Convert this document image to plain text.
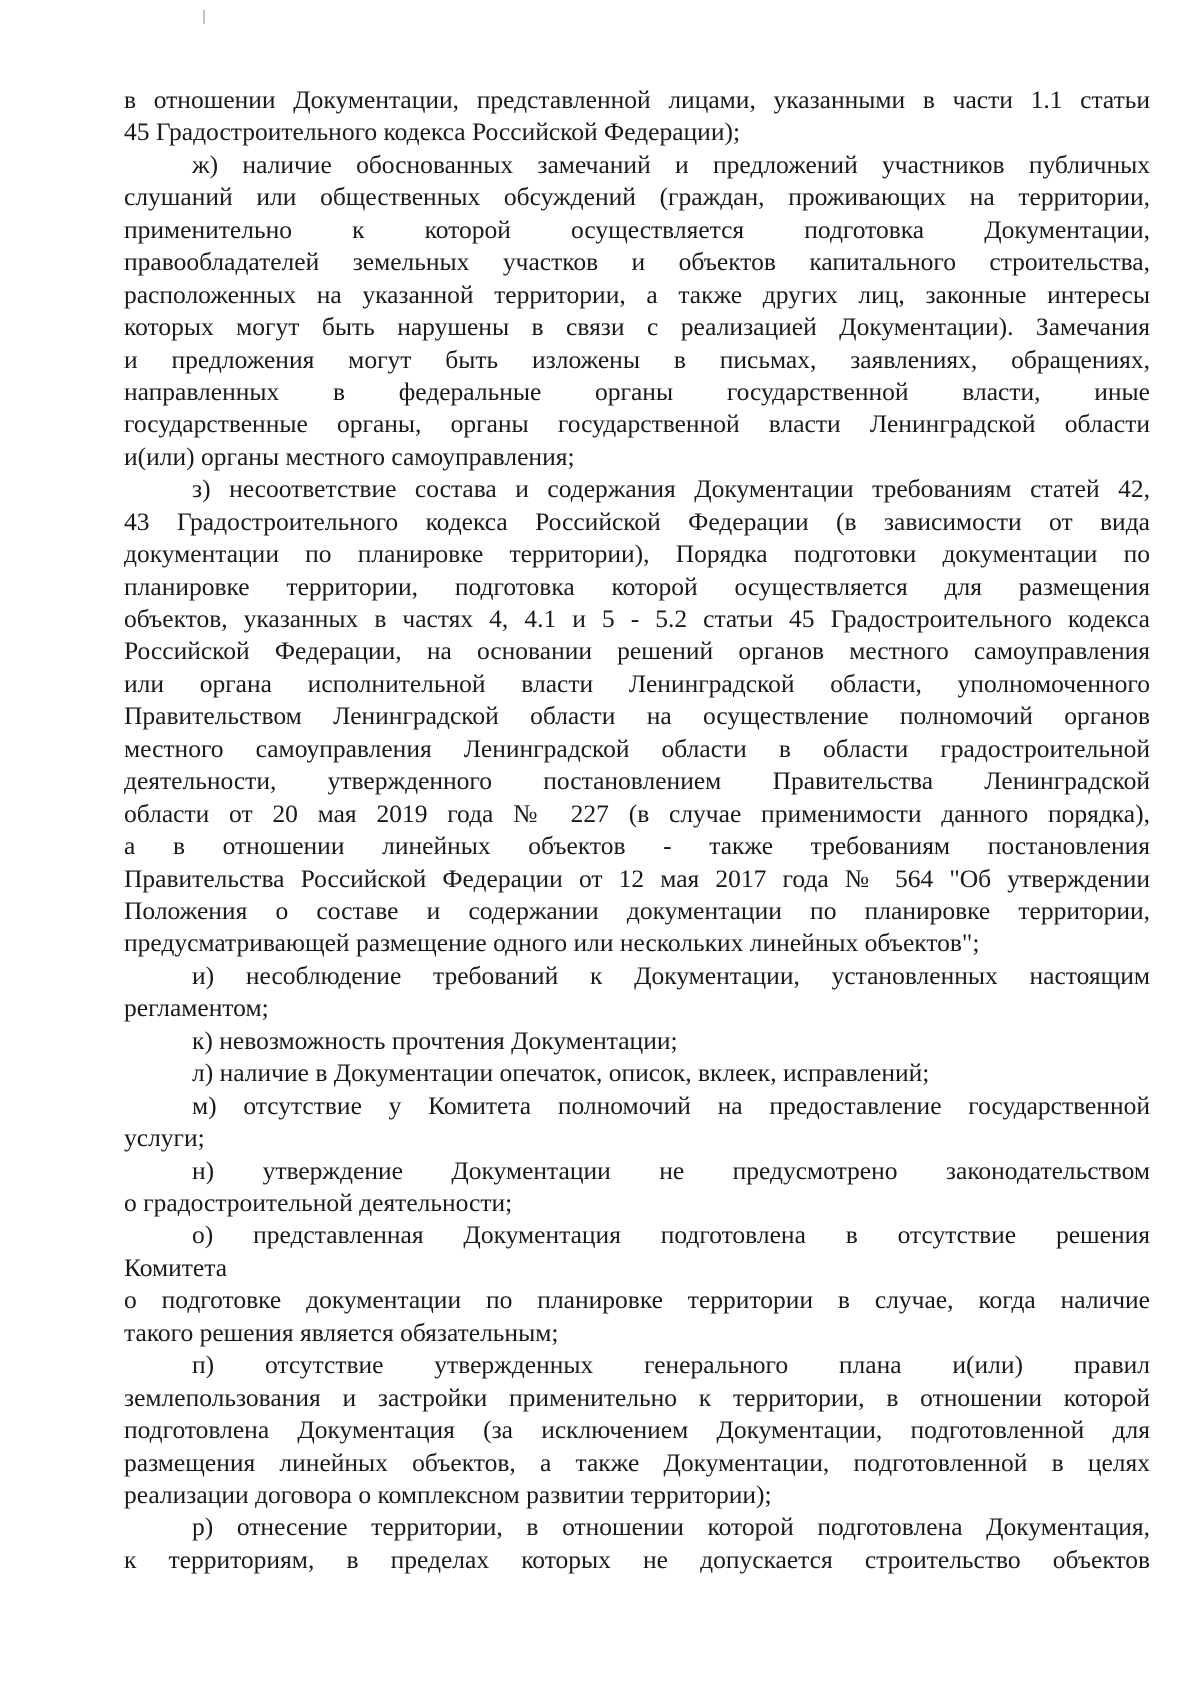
в отношении Документации, представленной лицами, указанными в части 1.1 статьи
45 Градостроительного кодекса Российской Федерации);
ж) наличие обоснованных замечаний и предложений участников публичных
слушаний или общественных обсуждений (граждан, проживающих на территории,
применительно к которой осуществляется подготовка Документации,
правообладателей земельных участков и объектов капитального строительства,
расположенных на указанной территории, а также других лиц, законные интересы
которых могут быть нарушены в связи с реализацией Документации). Замечания
и предложения могут быть изложены в письмах, заявлениях, обращениях,
направленных в федеральные органы государственной власти, иные
государственные органы, органы государственной власти Ленинградской области
и(или) органы местного самоуправления;
з) несоответствие состава и содержания Документации требованиям статей 42,
43 Градостроительного кодекса Российской Федерации (в зависимости от вида
документации по планировке территории), Порядка подготовки документации по
планировке территории, подготовка которой осуществляется для размещения
объектов, указанных в частях 4, 4.1 и 5 - 5.2 статьи 45 Градостроительного кодекса
Российской Федерации, на основании решений органов местного самоуправления
или органа исполнительной власти Ленинградской области, уполномоченного
Правительством Ленинградской области на осуществление полномочий органов
местного самоуправления Ленинградской области в области градостроительной
деятельности, утвержденного постановлением Правительства Ленинградской
области от 20 мая 2019 года № 227 (в случае применимости данного порядка),
а в отношении линейных объектов - также требованиям постановления
Правительства Российской Федерации от 12 мая 2017 года № 564 "Об утверждении
Положения о составе и содержании документации по планировке территории,
предусматривающей размещение одного или нескольких линейных объектов";
и) несоблюдение требований к Документации, установленных настоящим
регламентом;
к) невозможность прочтения Документации;
л) наличие в Документации опечаток, описок, вклеек, исправлений;
м) отсутствие у Комитета полномочий на предоставление государственной
услуги;
н) утверждение Документации не предусмотрено законодательством
о градостроительной деятельности;
о) представленная Документация подготовлена в отсутствие решения
Комитета
о подготовке документации по планировке территории в случае, когда наличие
такого решения является обязательным;
п) отсутствие утвержденных генерального плана и(или) правил
землепользования и застройки применительно к территории, в отношении которой
подготовлена Документация (за исключением Документации, подготовленной для
размещения линейных объектов, а также Документации, подготовленной в целях
реализации договора о комплексном развитии территории);
р) отнесение территории, в отношении которой подготовлена Документация,
к территориям, в пределах которых не допускается строительство объектов
